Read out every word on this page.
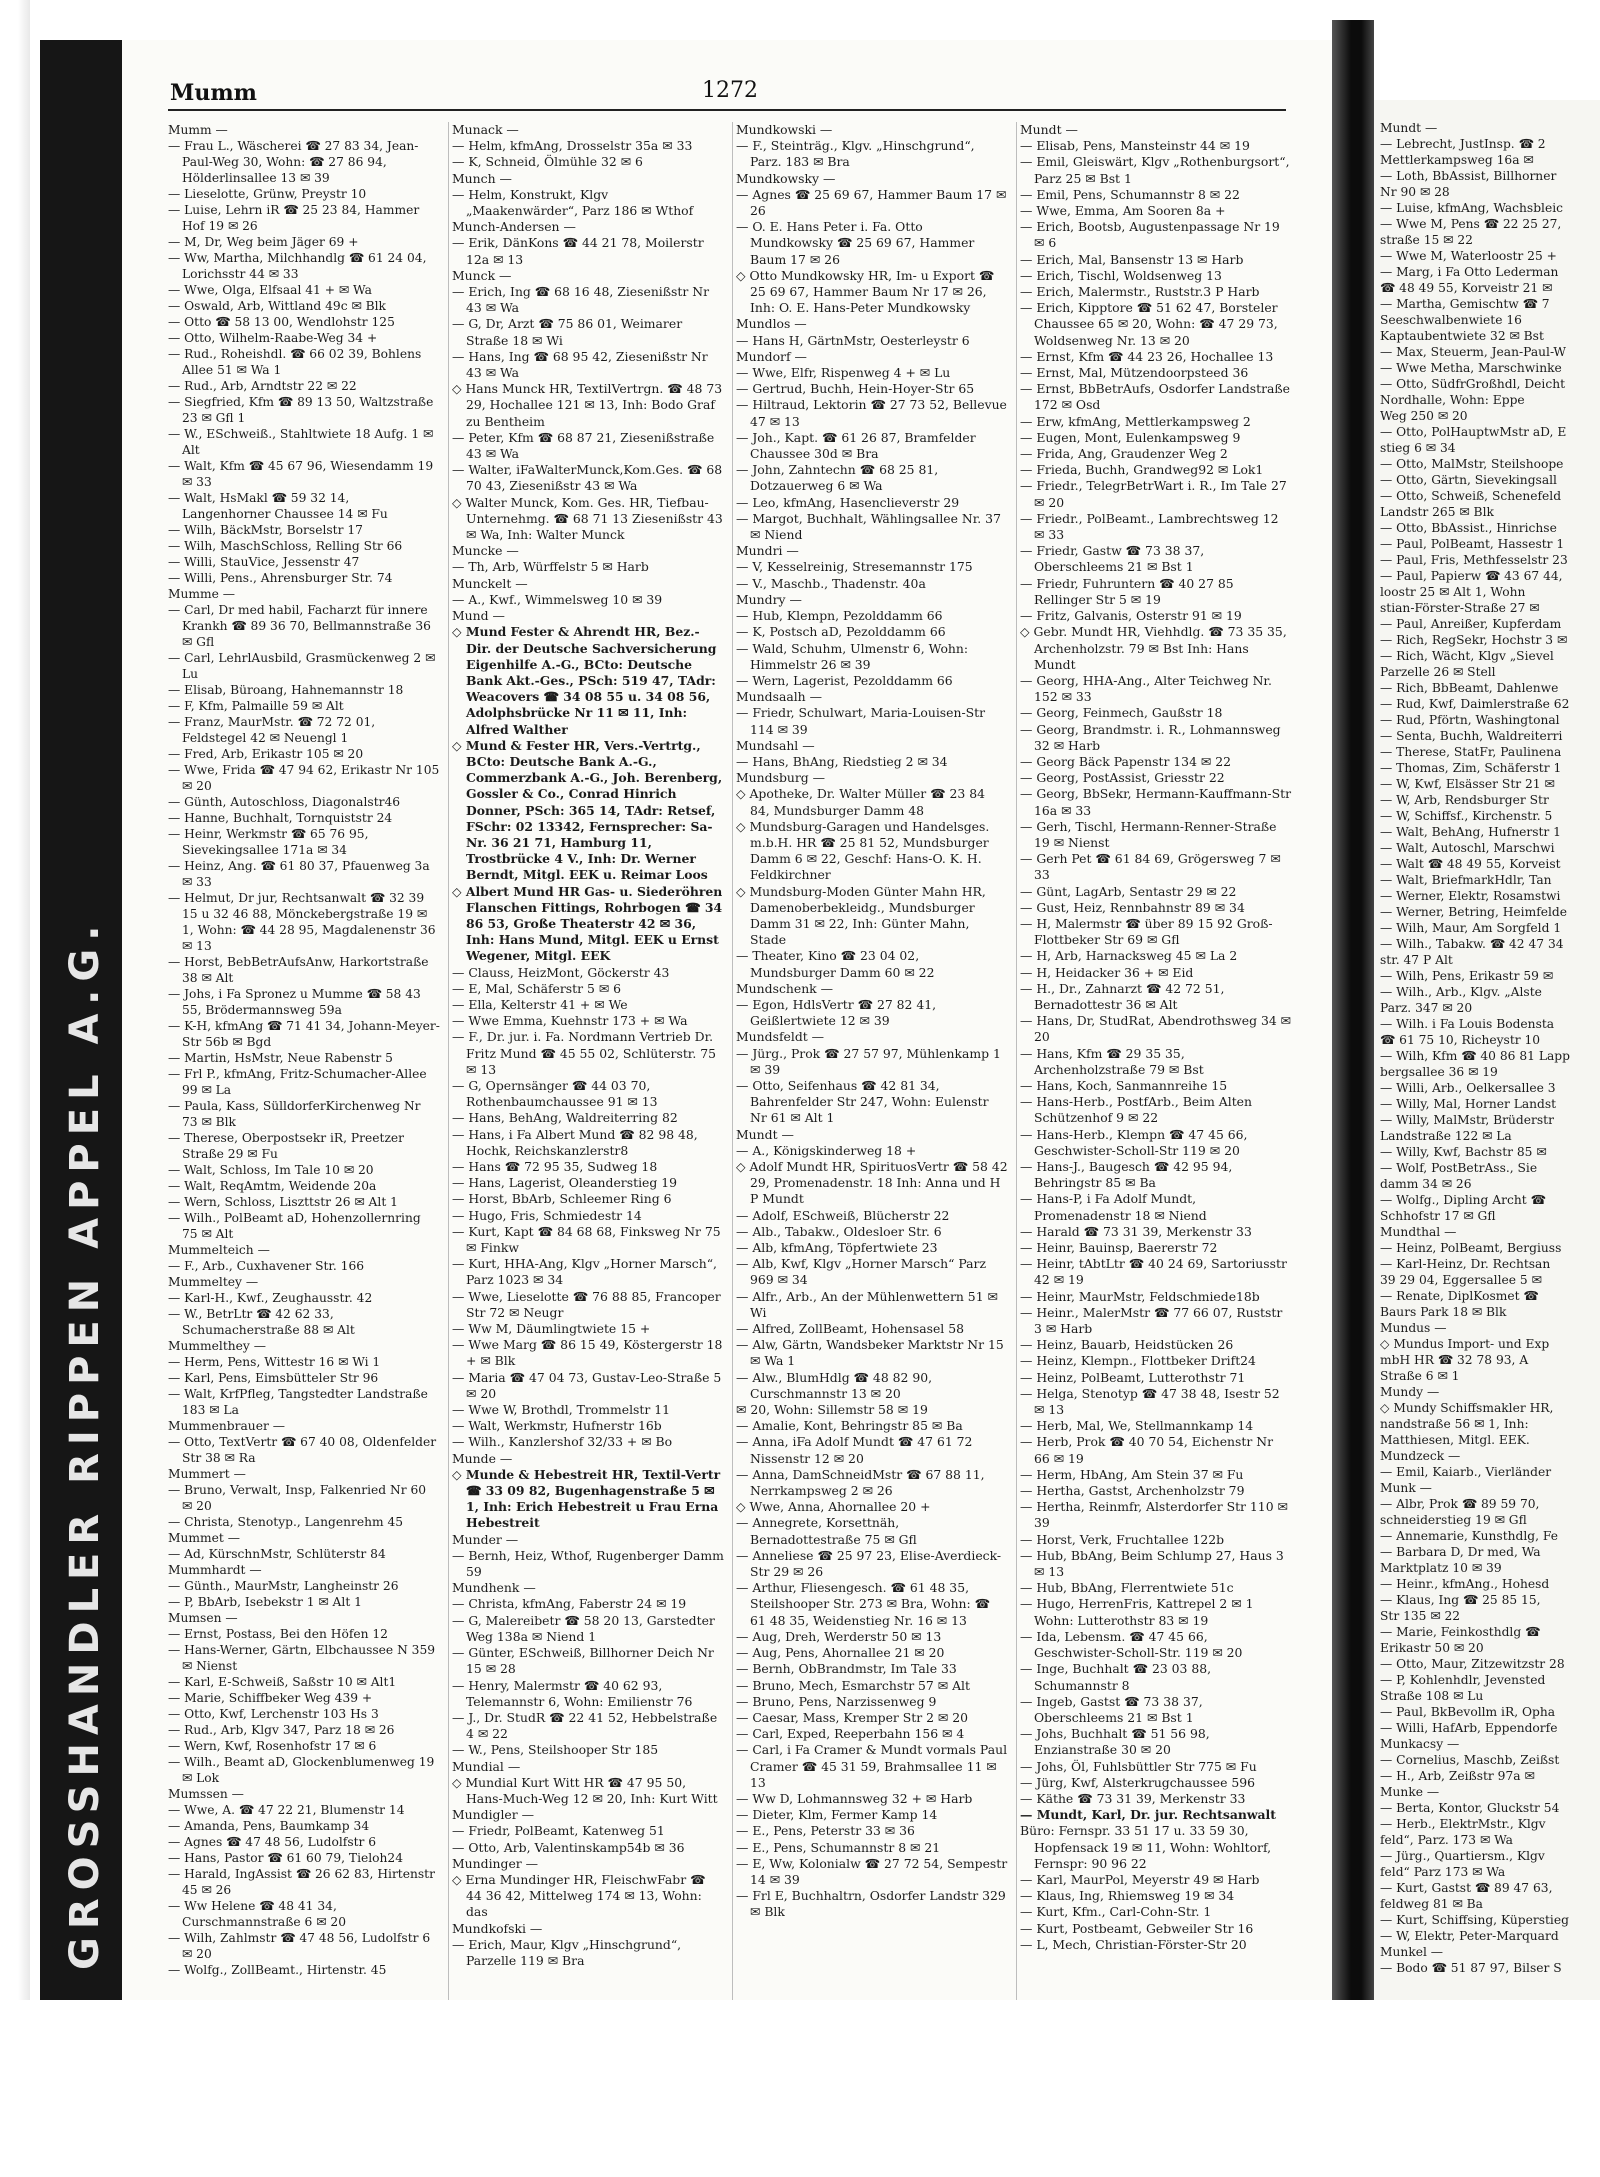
GROSSHANDLER RIPPEN APPEL A.G.
Mumm	1272
Mumm —
— Frau L., Wäscherei ☎ 27 83 34, Jean-Paul-Weg 30, Wohn: ☎ 27 86 94, Hölderlinsallee 13 ✉ 39
— Lieselotte, Grünw, Preystr 10
— Luise, Lehrn iR ☎ 25 23 84, Hammer Hof 19 ✉ 26
— M, Dr, Weg beim Jäger 69 +
— Ww, Martha, Milchhandlg ☎ 61 24 04, Lorichsstr 44 ✉ 33
— Wwe, Olga, Elfsaal 41 + ✉ Wa
— Oswald, Arb, Wittland 49c ✉ Blk
— Otto ☎ 58 13 00, Wendlohstr 125
— Otto, Wilhelm-Raabe-Weg 34 +
— Rud., Roheishdl. ☎ 66 02 39, Bohlens Allee 51 ✉ Wa 1
— Rud., Arb, Arndtstr 22 ✉ 22
— Siegfried, Kfm ☎ 89 13 50, Waltzstraße 23 ✉ Gfl 1
— W., ESchweiß., Stahltwiete 18 Aufg. 1 ✉ Alt
— Walt, Kfm ☎ 45 67 96, Wiesendamm 19 ✉ 33
— Walt, HsMakl ☎ 59 32 14, Langenhorner Chaussee 14 ✉ Fu
— Wilh, BäckMstr, Borselstr 17
— Wilh, MaschSchloss, Relling Str 66
— Willi, StauVice, Jessenstr 47
— Willi, Pens., Ahrensburger Str. 74
Mumme —
— Carl, Dr med habil, Facharzt für innere Krankh ☎ 89 36 70, Bellmannstraße 36 ✉ Gfl
— Carl, LehrlAusbild, Grasmückenweg 2 ✉ Lu
— Elisab, Büroang, Hahnemannstr 18
— F, Kfm, Palmaille 59 ✉ Alt
— Franz, MaurMstr. ☎ 72 72 01, Feldstegel 42 ✉ Neuengl 1
— Fred, Arb, Erikastr 105 ✉ 20
— Wwe, Frida ☎ 47 94 62, Erikastr Nr 105 ✉ 20
— Günth, Autoschloss, Diagonalstr46
— Hanne, Buchhalt, Tornquiststr 24
— Heinr, Werkmstr ☎ 65 76 95, Sievekingsallee 171a ✉ 34
— Heinz, Ang. ☎ 61 80 37, Pfauenweg 3a ✉ 33
— Helmut, Dr jur, Rechtsanwalt ☎ 32 39 15 u 32 46 88, Mönckebergstraße 19 ✉ 1, Wohn: ☎ 44 28 95, Magdalenenstr 36 ✉ 13
— Horst, BebBetrAufsAnw, Harkortstraße 38 ✉ Alt
— Johs, i Fa Spronez u Mumme ☎ 58 43 55, Brödermannsweg 59a
— K-H, kfmAng ☎ 71 41 34, Johann-Meyer-Str 56b ✉ Bgd
— Martin, HsMstr, Neue Rabenstr 5
— Frl P., kfmAng, Fritz-Schumacher-Allee 99 ✉ La
— Paula, Kass, SülldorferKirchenweg Nr 73 ✉ Blk
— Therese, Oberpostsekr iR, Preetzer Straße 29 ✉ Fu
— Walt, Schloss, Im Tale 10 ✉ 20
— Walt, ReqAmtm, Weidende 20a
— Wern, Schloss, Liszttstr 26 ✉ Alt 1
— Wilh., PolBeamt aD, Hohenzollernring 75 ✉ Alt
Mummelteich —
— F., Arb., Cuxhavener Str. 166
Mummeltey —
— Karl-H., Kwf., Zeughausstr. 42
— W., BetrLtr ☎ 42 62 33, Schumacherstraße 88 ✉ Alt
Mummelthey —
— Herm, Pens, Wittestr 16 ✉ Wi 1
— Karl, Pens, Eimsbütteler Str 96
— Walt, KrfPfleg, Tangstedter Landstraße 183 ✉ La
Mummenbrauer —
— Otto, TextVertr ☎ 67 40 08, Oldenfelder Str 38 ✉ Ra
Mummert —
— Bruno, Verwalt, Insp, Falkenried Nr 60 ✉ 20
— Christa, Stenotyp., Langenrehm 45
Mummet —
— Ad, KürschnMstr, Schlüterstr 84
Mummhardt —
— Günth., MaurMstr, Langheinstr 26
— P, BbArb, Isebekstr 1 ✉ Alt 1
Mumsen —
— Ernst, Postass, Bei den Höfen 12
— Hans-Werner, Gärtn, Elbchaussee N 359 ✉ Nienst
— Karl, E-Schweiß, Saßstr 10 ✉ Alt1
— Marie, Schiffbeker Weg 439 +
— Otto, Kwf, Lerchenstr 103 Hs 3
— Rud., Arb, Klgv 347, Parz 18 ✉ 26
— Wern, Kwf, Rosenhofstr 17 ✉ 6
— Wilh., Beamt aD, Glockenblumenweg 19 ✉ Lok
Mumssen —
— Wwe, A. ☎ 47 22 21, Blumenstr 14
— Amanda, Pens, Baumkamp 34
— Agnes ☎ 47 48 56, Ludolfstr 6
— Hans, Pastor ☎ 61 60 79, Tieloh24
— Harald, IngAssist ☎ 26 62 83, Hirtenstr 45 ✉ 26
— Ww Helene ☎ 48 41 34, Curschmannstraße 6 ✉ 20
— Wilh, Zahlmstr ☎ 47 48 56, Ludolfstr 6 ✉ 20
— Wolfg., ZollBeamt., Hirtenstr. 45
Munack —
— Helm, kfmAng, Drosselstr 35a ✉ 33
— K, Schneid, Ölmühle 32 ✉ 6
Munch —
— Helm, Konstrukt, Klgv „Maakenwärder“, Parz 186 ✉ Wthof
Munch-Andersen —
— Erik, DänKons ☎ 44 21 78, Moilerstr 12a ✉ 13
Munck —
— Erich, Ing ☎ 68 16 48, Ziesenißstr Nr 43 ✉ Wa
— G, Dr, Arzt ☎ 75 86 01, Weimarer Straße 18 ✉ Wi
— Hans, Ing ☎ 68 95 42, Ziesenißstr Nr 43 ✉ Wa
◇ Hans Munck HR, TextilVertrgn. ☎ 48 73 29, Hochallee 121 ✉ 13, Inh: Bodo Graf zu Bentheim
— Peter, Kfm ☎ 68 87 21, Ziesenißstraße 43 ✉ Wa
— Walter, iFaWalterMunck,Kom.Ges. ☎ 68 70 43, Ziesenißstr 43 ✉ Wa
◇ Walter Munck, Kom. Ges. HR, Tiefbau-Unternehmg. ☎ 68 71 13 Ziesenißstr 43 ✉ Wa, Inh: Walter Munck
Muncke —
— Th, Arb, Würffelstr 5 ✉ Harb
Munckelt —
— A., Kwf., Wimmelsweg 10 ✉ 39
Mund —
◇ Mund Fester & Ahrendt HR, Bez.-Dir. der Deutsche Sachversicherung Eigenhilfe A.-G., BCto: Deutsche Bank Akt.-Ges., PSch: 519 47, TAdr: Weacovers ☎ 34 08 55 u. 34 08 56, Adolphsbrücke Nr 11 ✉ 11, Inh: Alfred Walther
◇ Mund & Fester HR, Vers.-Vertrtg., BCto: Deutsche Bank A.-G., Commerzbank A.-G., Joh. Berenberg, Gossler & Co., Conrad Hinrich Donner, PSch: 365 14, TAdr: Retsef, FSchr: 02 13342, Fernsprecher: Sa-Nr. 36 21 71, Hamburg 11, Trostbrücke 4 V., Inh: Dr. Werner Berndt, Mitgl. EEK u. Reimar Loos
◇ Albert Mund HR Gas- u. Siederöhren Flanschen Fittings, Rohrbogen ☎ 34 86 53, Große Theaterstr 42 ✉ 36, Inh: Hans Mund, Mitgl. EEK u Ernst Wegener, Mitgl. EEK
— Clauss, HeizMont, Göckerstr 43
— E, Mal, Schäferstr 5 ✉ 6
— Ella, Kelterstr 41 + ✉ We
— Wwe Emma, Kuehnstr 173 + ✉ Wa
— F., Dr. jur. i. Fa. Nordmann Vertrieb Dr. Fritz Mund ☎ 45 55 02, Schlüterstr. 75 ✉ 13
— G, Opernsänger ☎ 44 03 70, Rothenbaumchaussee 91 ✉ 13
— Hans, BehAng, Waldreiterring 82
— Hans, i Fa Albert Mund ☎ 82 98 48, Hochk, Reichskanzlerstr8
— Hans ☎ 72 95 35, Sudweg 18
— Hans, Lagerist, Oleanderstieg 19
— Horst, BbArb, Schleemer Ring 6
— Hugo, Fris, Schmiedestr 14
— Kurt, Kapt ☎ 84 68 68, Finksweg Nr 75 ✉ Finkw
— Kurt, HHA-Ang, Klgv „Horner Marsch“, Parz 1023 ✉ 34
— Wwe, Lieselotte ☎ 76 88 85, Francoper Str 72 ✉ Neugr
— Ww M, Däumlingtwiete 15 +
— Wwe Marg ☎ 86 15 49, Köstergerstr 18 + ✉ Blk
— Maria ☎ 47 04 73, Gustav-Leo-Straße 5 ✉ 20
— Wwe W, Brothdl, Trommelstr 11
— Walt, Werkmstr, Hufnerstr 16b
— Wilh., Kanzlershof 32/33 + ✉ Bo
Munde —
◇ Munde & Hebestreit HR, Textil-Vertr ☎ 33 09 82, Bugenhagenstraße 5 ✉ 1, Inh: Erich Hebestreit u Frau Erna Hebestreit
Munder —
— Bernh, Heiz, Wthof, Rugenberger Damm 59
Mundhenk —
— Christa, kfmAng, Faberstr 24 ✉ 19
— G, Malereibetr ☎ 58 20 13, Garstedter Weg 138a ✉ Niend 1
— Günter, ESchweiß, Billhorner Deich Nr 15 ✉ 28
— Henry, Malermstr ☎ 40 62 93, Telemannstr 6, Wohn: Emilienstr 76
— J., Dr. StudR ☎ 22 41 52, Hebbelstraße 4 ✉ 22
— W., Pens, Steilshooper Str 185
Mundial —
◇ Mundial Kurt Witt HR ☎ 47 95 50, Hans-Much-Weg 12 ✉ 20, Inh: Kurt Witt
Mundigler —
— Friedr, PolBeamt, Katenweg 51
— Otto, Arb, Valentinskamp54b ✉ 36
Mundinger —
◇ Erna Mundinger HR, FleischwFabr ☎ 44 36 42, Mittelweg 174 ✉ 13, Wohn: das
Mundkofski —
— Erich, Maur, Klgv „Hinschgrund“, Parzelle 119 ✉ Bra
Mundkowski —
— F., Steinträg., Klgv. „Hinschgrund“, Parz. 183 ✉ Bra
Mundkowsky —
— Agnes ☎ 25 69 67, Hammer Baum 17 ✉ 26
— O. E. Hans Peter i. Fa. Otto Mundkowsky ☎ 25 69 67, Hammer Baum 17 ✉ 26
◇ Otto Mundkowsky HR, Im- u Export ☎ 25 69 67, Hammer Baum Nr 17 ✉ 26, Inh: O. E. Hans-Peter Mundkowsky
Mundlos —
— Hans H, GärtnMstr, Oesterleystr 6
Mundorf —
— Wwe, Elfr, Rispenweg 4 + ✉ Lu
— Gertrud, Buchh, Hein-Hoyer-Str 65
— Hiltraud, Lektorin ☎ 27 73 52, Bellevue 47 ✉ 13
— Joh., Kapt. ☎ 61 26 87, Bramfelder Chaussee 30d ✉ Bra
— John, Zahntechn ☎ 68 25 81, Dotzauerweg 6 ✉ Wa
— Leo, kfmAng, Hasenclieverstr 29
— Margot, Buchhalt, Wählingsallee Nr. 37 ✉ Niend
Mundri —
— V, Kesselreinig, Stresemannstr 175
— V., Maschb., Thadenstr. 40a
Mundry —
— Hub, Klempn, Pezolddamm 66
— K, Postsch aD, Pezolddamm 66
— Wald, Schuhm, Ulmenstr 6, Wohn: Himmelstr 26 ✉ 39
— Wern, Lagerist, Pezolddamm 66
Mundsaalh —
— Friedr, Schulwart, Maria-Louisen-Str 114 ✉ 39
Mundsahl —
— Hans, BhAng, Riedstieg 2 ✉ 34
Mundsburg —
◇ Apotheke, Dr. Walter Müller ☎ 23 84 84, Mundsburger Damm 48
◇ Mundsburg-Garagen und Handelsges. m.b.H. HR ☎ 25 81 52, Mundsburger Damm 6 ✉ 22, Geschf: Hans-O. K. H. Feldkirchner
◇ Mundsburg-Moden Günter Mahn HR, Damenoberbekleidg., Mundsburger Damm 31 ✉ 22, Inh: Günter Mahn, Stade
— Theater, Kino ☎ 23 04 02, Mundsburger Damm 60 ✉ 22
Mundschenk —
— Egon, HdlsVertr ☎ 27 82 41, Geißlertwiete 12 ✉ 39
Mundsfeldt —
— Jürg., Prok ☎ 27 57 97, Mühlenkamp 1 ✉ 39
— Otto, Seifenhaus ☎ 42 81 34, Bahrenfelder Str 247, Wohn: Eulenstr Nr 61 ✉ Alt 1
Mundt —
— A., Königskinderweg 18 +
◇ Adolf Mundt HR, SpirituosVertr ☎ 58 42 29, Promenadenstr. 18 Inh: Anna und H P Mundt
— Adolf, ESchweiß, Blücherstr 22
— Alb., Tabakw., Oldesloer Str. 6
— Alb, kfmAng, Töpfertwiete 23
— Alb, Kwf, Klgv „Horner Marsch“ Parz 969 ✉ 34
— Alfr., Arb., An der Mühlenwettern 51 ✉ Wi
— Alfred, ZollBeamt, Hohensasel 58
— Alw, Gärtn, Wandsbeker Marktstr Nr 15 ✉ Wa 1
— Alw., BlumHdlg ☎ 48 82 90, Curschmannstr 13 ✉ 20
✉ 20, Wohn: Sillemstr 58 ✉ 19
— Amalie, Kont, Behringstr 85 ✉ Ba
— Anna, iFa Adolf Mundt ☎ 47 61 72 Nissenstr 12 ✉ 20
— Anna, DamSchneidMstr ☎ 67 88 11, Nerrkampsweg 2 ✉ 26
◇ Wwe, Anna, Ahornallee 20 +
— Annegrete, Korsettnäh, Bernadottestraße 75 ✉ Gfl
— Anneliese ☎ 25 97 23, Elise-Averdieck-Str 29 ✉ 26
— Arthur, Fliesengesch. ☎ 61 48 35, Steilshooper Str. 273 ✉ Bra, Wohn: ☎ 61 48 35, Weidenstieg Nr. 16 ✉ 13
— Aug, Dreh, Werderstr 50 ✉ 13
— Aug, Pens, Ahornallee 21 ✉ 20
— Bernh, ObBrandmstr, Im Tale 33
— Bruno, Mech, Esmarchstr 57 ✉ Alt
— Bruno, Pens, Narzissenweg 9
— Caesar, Mass, Kremper Str 2 ✉ 20
— Carl, Exped, Reeperbahn 156 ✉ 4
— Carl, i Fa Cramer & Mundt vormals Paul Cramer ☎ 45 31 59, Brahmsallee 11 ✉ 13
— Ww D, Lohmannsweg 32 + ✉ Harb
— Dieter, Klm, Fermer Kamp 14
— E., Pens, Peterstr 33 ✉ 36
— E., Pens, Schumannstr 8 ✉ 21
— E, Ww, Kolonialw ☎ 27 72 54, Sempestr 14 ✉ 39
— Frl E, Buchhaltrn, Osdorfer Landstr 329 ✉ Blk
Mundt —
— Elisab, Pens, Mansteinstr 44 ✉ 19
— Emil, Gleiswärt, Klgv „Rothenburgsort“, Parz 25 ✉ Bst 1
— Emil, Pens, Schumannstr 8 ✉ 22
— Wwe, Emma, Am Sooren 8a +
— Erich, Bootsb, Augustenpassage Nr 19 ✉ 6
— Erich, Mal, Bansenstr 13 ✉ Harb
— Erich, Tischl, Woldsenweg 13
— Erich, Malermstr., Ruststr.3 P Harb
— Erich, Kipptore ☎ 51 62 47, Borsteler Chaussee 65 ✉ 20, Wohn: ☎ 47 29 73, Woldsenweg Nr. 13 ✉ 20
— Ernst, Kfm ☎ 44 23 26, Hochallee 13
— Ernst, Mal, Mützendoorpsteed 36
— Ernst, BbBetrAufs, Osdorfer Landstraße 172 ✉ Osd
— Erw, kfmAng, Mettlerkampsweg 2
— Eugen, Mont, Eulenkampsweg 9
— Frida, Ang, Graudenzer Weg 2
— Frieda, Buchh, Grandweg92 ✉ Lok1
— Friedr., TelegrBetrWart i. R., Im Tale 27 ✉ 20
— Friedr., PolBeamt., Lambrechtsweg 12 ✉ 33
— Friedr, Gastw ☎ 73 38 37, Oberschleems 21 ✉ Bst 1
— Friedr, Fuhruntern ☎ 40 27 85 Rellinger Str 5 ✉ 19
— Fritz, Galvanis, Osterstr 91 ✉ 19
◇ Gebr. Mundt HR, Viehhdlg. ☎ 73 35 35, Archenholzstr. 79 ✉ Bst Inh: Hans Mundt
— Georg, HHA-Ang., Alter Teichweg Nr. 152 ✉ 33
— Georg, Feinmech, Gaußstr 18
— Georg, Brandmstr. i. R., Lohmannsweg 32 ✉ Harb
— Georg Bäck Papenstr 134 ✉ 22
— Georg, PostAssist, Griesstr 22
— Georg, BbSekr, Hermann-Kauffmann-Str 16a ✉ 33
— Gerh, Tischl, Hermann-Renner-Straße 19 ✉ Nienst
— Gerh Pet ☎ 61 84 69, Grögersweg 7 ✉ 33
— Günt, LagArb, Sentastr 29 ✉ 22
— Gust, Heiz, Rennbahnstr 89 ✉ 34
— H, Malermstr ☎ über 89 15 92 Groß-Flottbeker Str 69 ✉ Gfl
— H, Arb, Harnacksweg 45 ✉ La 2
— H, Heidacker 36 + ✉ Eid
— H., Dr., Zahnarzt ☎ 42 72 51, Bernadottestr 36 ✉ Alt
— Hans, Dr, StudRat, Abendrothsweg 34 ✉ 20
— Hans, Kfm ☎ 29 35 35, Archenholzstraße 79 ✉ Bst
— Hans, Koch, Sanmannreihe 15
— Hans-Herb., PostfArb., Beim Alten Schützenhof 9 ✉ 22
— Hans-Herb., Klempn ☎ 47 45 66, Geschwister-Scholl-Str 119 ✉ 20
— Hans-J., Baugesch ☎ 42 95 94, Behringstr 85 ✉ Ba
— Hans-P, i Fa Adolf Mundt, Promenadenstr 18 ✉ Niend
— Harald ☎ 73 31 39, Merkenstr 33
— Heinr, Bauinsp, Baererstr 72
— Heinr, tAbtLtr ☎ 40 24 69, Sartoriusstr 42 ✉ 19
— Heinr, MaurMstr, Feldschmiede18b
— Heinr., MalerMstr ☎ 77 66 07, Ruststr 3 ✉ Harb
— Heinz, Bauarb, Heidstücken 26
— Heinz, Klempn., Flottbeker Drift24
— Heinz, PolBeamt, Lutterothstr 71
— Helga, Stenotyp ☎ 47 38 48, Isestr 52 ✉ 13
— Herb, Mal, We, Stellmannkamp 14
— Herb, Prok ☎ 40 70 54, Eichenstr Nr 66 ✉ 19
— Herm, HbAng, Am Stein 37 ✉ Fu
— Hertha, Gastst, Archenholzstr 79
— Hertha, Reinmfr, Alsterdorfer Str 110 ✉ 39
— Horst, Verk, Fruchtallee 122b
— Hub, BbAng, Beim Schlump 27, Haus 3 ✉ 13
— Hub, BbAng, Flerrentwiete 51c
— Hugo, HerrenFris, Kattrepel 2 ✉ 1 Wohn: Lutterothstr 83 ✉ 19
— Ida, Lebensm. ☎ 47 45 66, Geschwister-Scholl-Str. 119 ✉ 20
— Inge, Buchhalt ☎ 23 03 88, Schumannstr 8
— Ingeb, Gastst ☎ 73 38 37, Oberschleems 21 ✉ Bst 1
— Johs, Buchhalt ☎ 51 56 98, Enzianstraße 30 ✉ 20
— Johs, Öl, Fuhlsbüttler Str 775 ✉ Fu
— Jürg, Kwf, Alsterkrugchaussee 596
— Käthe ☎ 73 31 39, Merkenstr 33
— Mundt, Karl, Dr. jur. Rechtsanwalt
Büro: Fernspr. 33 51 17 u. 33 59 30, Hopfensack 19 ✉ 11, Wohn: Wohltorf, Fernspr: 90 96 22
— Karl, MaurPol, Meyerstr 49 ✉ Harb
— Klaus, Ing, Rhiemsweg 19 ✉ 34
— Kurt, Kfm., Carl-Cohn-Str. 1
— Kurt, Postbeamt, Gebweiler Str 16
— L, Mech, Christian-Förster-Str 20
Mundt —
— Lebrecht, JustInsp. ☎ 2
Mettlerkampsweg 16a ✉
— Loth, BbAssist, Billhorner
Nr 90 ✉ 28
— Luise, kfmAng, Wachsbleic
— Wwe M, Pens ☎ 22 25 27,
straße 15 ✉ 22
— Wwe M, Waterloostr 25 +
— Marg, i Fa Otto Lederman
☎ 48 49 55, Korveistr 21 ✉
— Martha, Gemischtw ☎ 7
Seeschwalbenwiete 16
Kaptaubentwiete 32 ✉ Bst
— Max, Steuerm, Jean-Paul-W
— Wwe Metha, Marschwinke
— Otto, SüdfrGroßhdl, Deicht
Nordhalle, Wohn: Eppe
Weg 250 ✉ 20
— Otto, PolHauptwMstr aD, E
stieg 6 ✉ 34
— Otto, MalMstr, Steilshoope
— Otto, Gärtn, Sievekingsall
— Otto, Schweiß, Schenefeld
Landstr 265 ✉ Blk
— Otto, BbAssist., Hinrichse
— Paul, PolBeamt, Hassestr 1
— Paul, Fris, Methfesselstr 23
— Paul, Papierw ☎ 43 67 44,
loostr 25 ✉ Alt 1, Wohn
stian-Förster-Straße 27 ✉
— Paul, Anreißer, Kupferdam
— Rich, RegSekr, Hochstr 3 ✉
— Rich, Wächt, Klgv „Sievel
Parzelle 26 ✉ Stell
— Rich, BbBeamt, Dahlenwe
— Rud, Kwf, Daimlerstraße 62
— Rud, Pförtn, Washingtonal
— Senta, Buchh, Waldreiterri
— Therese, StatFr, Paulinena
— Thomas, Zim, Schäferstr 1
— W, Kwf, Elsässer Str 21 ✉
— W, Arb, Rendsburger Str
— W, Schiffsf., Kirchenstr. 5
— Walt, BehAng, Hufnerstr 1
— Walt, Autoschl, Marschwi
— Walt ☎ 48 49 55, Korveist
— Walt, BriefmarkHdlr, Tan
— Werner, Elektr, Rosamstwi
— Werner, Betring, Heimfelde
— Wilh, Maur, Am Sorgfeld 1
— Wilh., Tabakw. ☎ 42 47 34
str. 47 P Alt
— Wilh, Pens, Erikastr 59 ✉
— Wilh., Arb., Klgv. „Alste
Parz. 347 ✉ 20
— Wilh. i Fa Louis Bodensta
☎ 61 75 10, Richeystr 10
— Wilh, Kfm ☎ 40 86 81 Lapp
bergsallee 36 ✉ 19
— Willi, Arb., Oelkersallee 3
— Willy, Mal, Horner Landst
— Willy, MalMstr, Brüderstr
Landstraße 122 ✉ La
— Willy, Kwf, Bachstr 85 ✉
— Wolf, PostBetrAss., Sie
damm 34 ✉ 26
— Wolfg., Dipling Archt ☎
Schhofstr 17 ✉ Gfl
Mundthal —
— Heinz, PolBeamt, Bergiuss
— Karl-Heinz, Dr. Rechtsan
39 29 04, Eggersallee 5 ✉
— Renate, DiplKosmet ☎
Baurs Park 18 ✉ Blk
Mundus —
◇ Mundus Import- und Exp
mbH HR ☎ 32 78 93, A
Straße 6 ✉ 1
Mundy —
◇ Mundy Schiffsmakler HR,
nandstraße 56 ✉ 1, Inh:
Matthiesen, Mitgl. EEK.
Mundzeck —
— Emil, Kaiarb., Vierländer
Munk —
— Albr, Prok ☎ 89 59 70,
schneiderstieg 19 ✉ Gfl
— Annemarie, Kunsthdlg, Fe
— Barbara D, Dr med, Wa
Marktplatz 10 ✉ 39
— Heinr., kfmAng., Hohesd
— Klaus, Ing ☎ 25 85 15,
Str 135 ✉ 22
— Marie, Feinkosthdlg ☎
Erikastr 50 ✉ 20
— Otto, Maur, Zitzewitzstr 28
— P, Kohlenhdlr, Jevensted
Straße 108 ✉ Lu
— Paul, BkBevollm iR, Opha
— Willi, HafArb, Eppendorfe
Munkacsy —
— Cornelius, Maschb, Zeißst
— H., Arb, Zeißstr 97a ✉
Munke —
— Berta, Kontor, Gluckstr 54
— Herb., ElektrMstr., Klgv
feld“, Parz. 173 ✉ Wa
— Jürg., Quartiersm., Klgv
feld“ Parz 173 ✉ Wa
— Kurt, Gastst ☎ 89 47 63,
feldweg 81 ✉ Ba
— Kurt, Schiffsing, Küperstieg
— W, Elektr, Peter-Marquard
Munkel —
— Bodo ☎ 51 87 97, Bilser S
